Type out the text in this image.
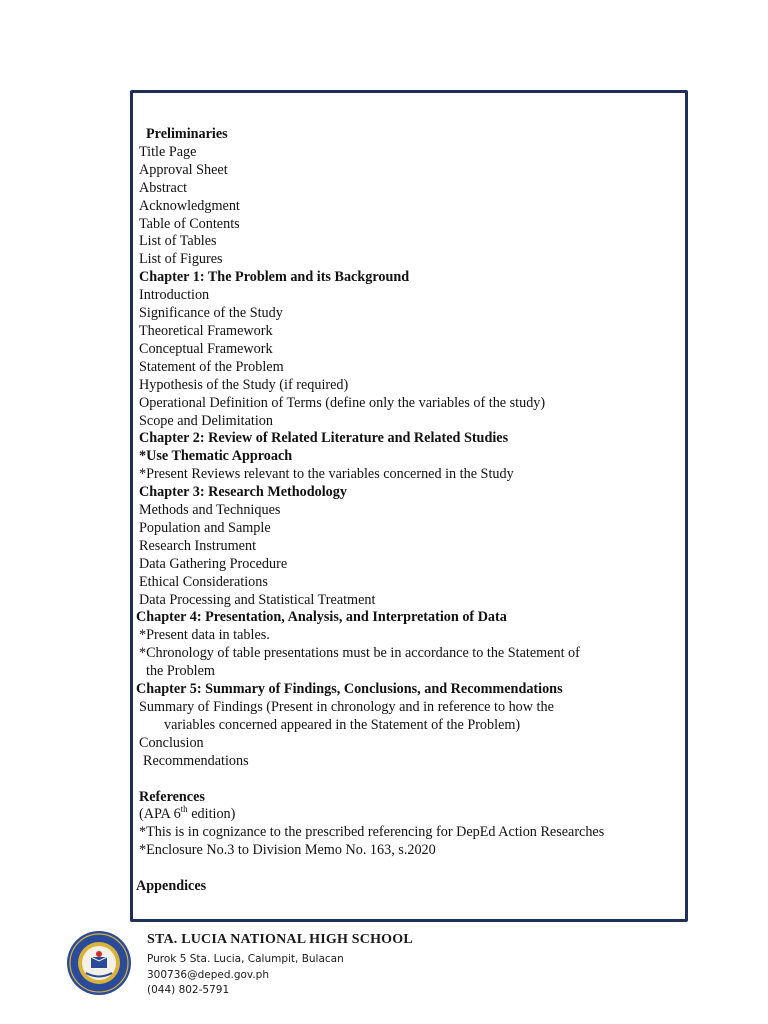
Preliminaries
Title Page
Approval Sheet
Abstract
Acknowledgment
Table of Contents
List of Tables
List of Figures
Chapter 1: The Problem and its Background
Introduction
Significance of the Study
Theoretical Framework
Conceptual Framework
Statement of the Problem
Hypothesis of the Study (if required)
Operational Definition of Terms (define only the variables of the study)
Scope and Delimitation
Chapter 2: Review of Related Literature and Related Studies
*Use Thematic Approach
*Present Reviews relevant to the variables concerned in the Study
Chapter 3: Research Methodology
Methods and Techniques
Population and Sample
Research Instrument
Data Gathering Procedure
Ethical Considerations
Data Processing and Statistical Treatment
Chapter 4: Presentation, Analysis, and Interpretation of Data
*Present data in tables.
*Chronology of table presentations must be in accordance to the Statement of
the Problem
Chapter 5: Summary of Findings, Conclusions, and Recommendations
Summary of Findings (Present in chronology and in reference to how the
variables concerned appeared in the Statement of the Problem)
Conclusion
Recommendations
References
(APA 6th edition)
*This is in cognizance to the prescribed referencing for DepEd Action Researches
*Enclosure No.3 to Division Memo No. 163, s.2020
Appendices
STA. LUCIA NATIONAL HIGH SCHOOL
Purok 5 Sta. Lucia, Calumpit, Bulacan
300736@deped.gov.ph
(044) 802-5791
